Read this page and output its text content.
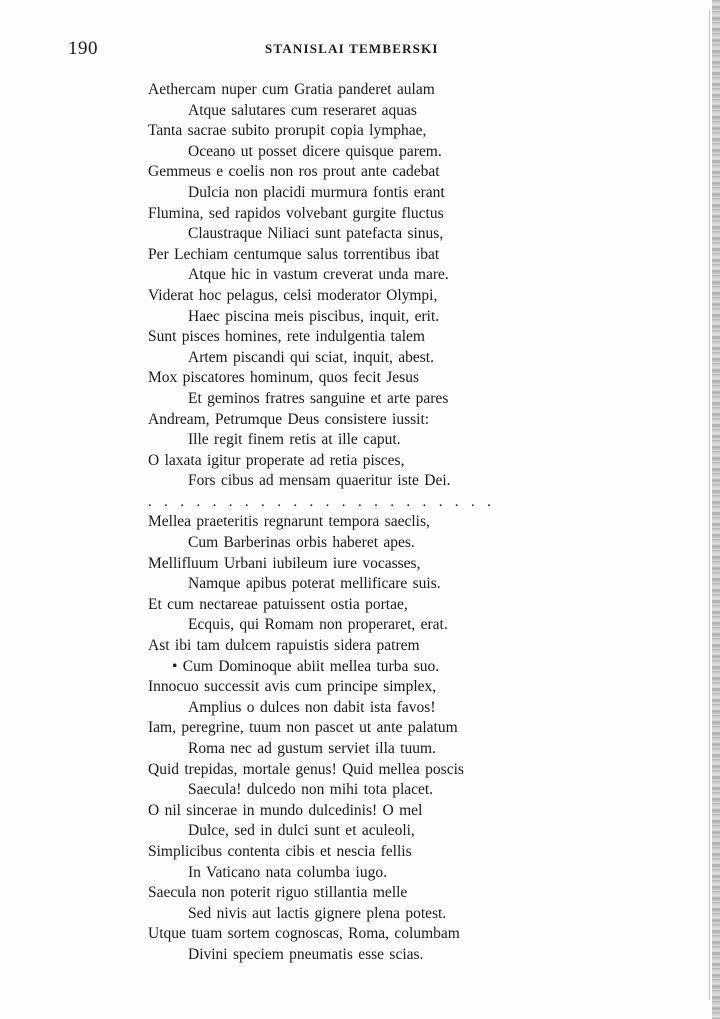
190	STANISLAI TEMBERSKI
Aethercam nuper cum Gratia panderet aulam
Atque salutares cum reseraret aquas
Tanta sacrae subito prorupit copia lymphae,
Oceano ut posset dicere quisque parem.
Gemmeus e coelis non ros prout ante cadebat
Dulcia non placidi murmura fontis erant
Flumina, sed rapidos volvebant gurgite fluctus
Claustraque Niliaci sunt patefacta sinus,
Per Lechiam centumque salus torrentibus ibat
Atque hic in vastum creverat unda mare.
Viderat hoc pelagus, celsi moderator Olympi,
Haec piscina meis piscibus, inquit, erit.
Sunt pisces homines, rete indulgentia talem
Artem piscandi qui sciat, inquit, abest.
Mox piscatores hominum, quos fecit Jesus
Et geminos fratres sanguine et arte pares
Andream, Petrumque Deus consistere iussit:
Ille regit finem retis at ille caput.
O laxata igitur properate ad retia pisces,
Fors cibus ad mensam quaeritur iste Dei.
......................
Mellea praeteritis regnarunt tempora saeclis,
Cum Barberinas orbis haberet apes.
Mellifluum Urbani iubileum iure vocasses,
Namque apibus poterat mellificare suis.
Et cum nectareae patuissent ostia portae,
Ecquis, qui Romam non properaret, erat.
Ast ibi tam dulcem rapuistis sidera patrem
• Cum Dominoque abiit mellea turba suo.
Innocuo successit avis cum principe simplex,
Amplius o dulces non dabit ista favos!
Iam, peregrine, tuum non pascet ut ante palatum
Roma nec ad gustum serviet illa tuum.
Quid trepidas, mortale genus! Quid mellea poscis
Saecula! dulcedo non mihi tota placet.
O nil sincerae in mundo dulcedinis! O mel
Dulce, sed in dulci sunt et aculeoli,
Simplicibus contenta cibis et nescia fellis
In Vaticano nata columba iugo.
Saecula non poterit riguo stillantia melle
Sed nivis aut lactis gignere plena potest.
Utque tuam sortem cognoscas, Roma, columbam
Divini speciem pneumatis esse scias.
